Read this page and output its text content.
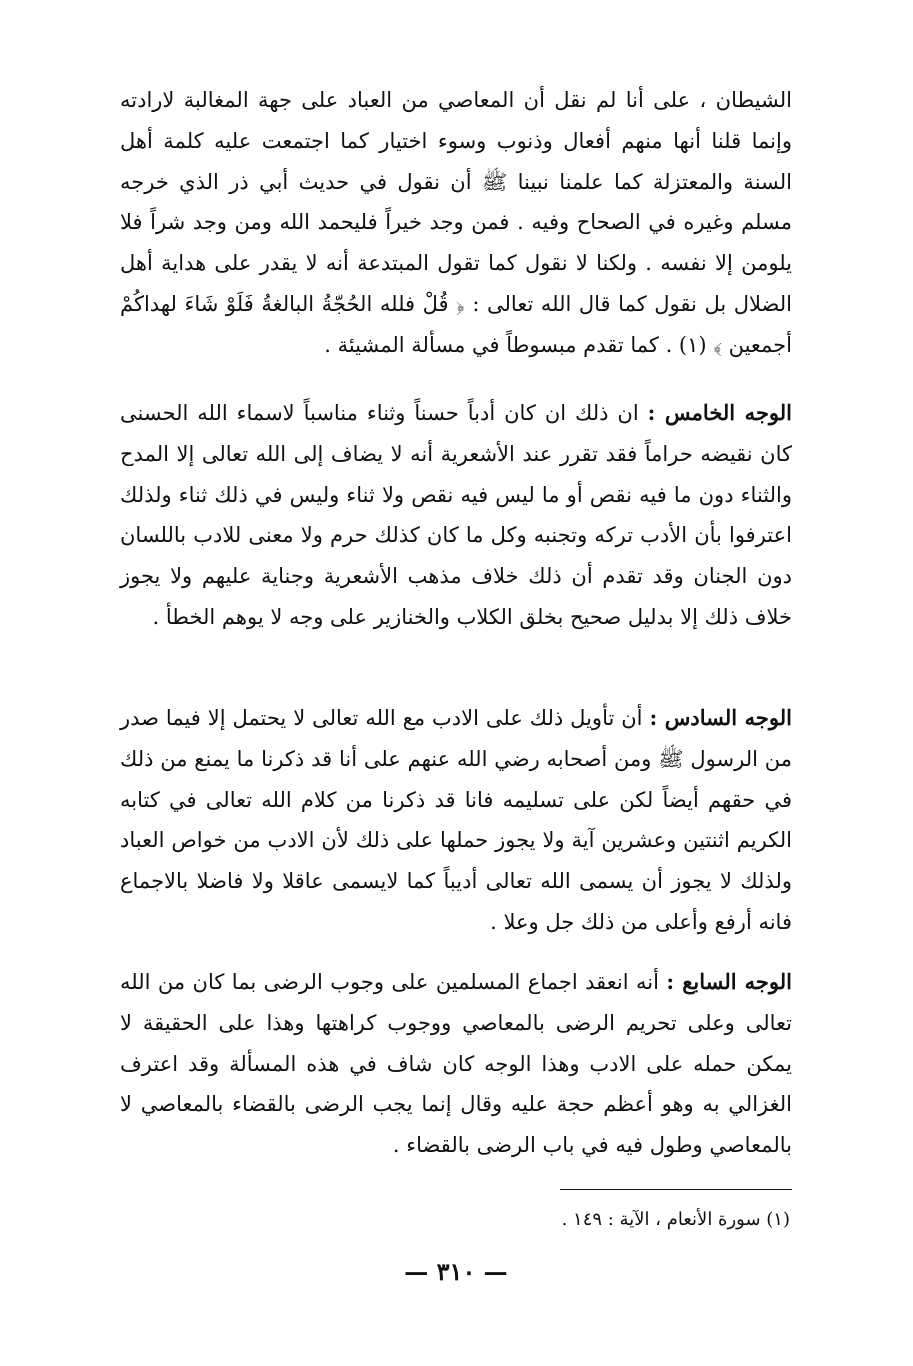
الشيطان ، على أنا لم نقل أن المعاصي من العباد على جهة المغالبة لارادته وإنما قلنا أنها منهم أفعال وذنوب وسوء اختيار كما اجتمعت عليه كلمة أهل السنة والمعتزلة كما علمنا نبينا ﷺ أن نقول في حديث أبي ذر الذي خرجه مسلم وغيره في الصحاح وفيه . فمن وجد خيراً فليحمد الله ومن وجد شراً فلا يلومن إلا نفسه . ولكنا لا نقول كما تقول المبتدعة أنه لا يقدر على هداية أهل الضلال بل نقول كما قال الله تعالى : ﴿ قُلْ فلله الحُجّةُ البالغةُ فَلَوْ شَاءَ لهداكُمْ أجمعين ﴾ (١) . كما تقدم مبسوطاً في مسألة المشيئة .

الوجه الخامس : ان ذلك ان كان أدباً حسناً وثناء مناسباً لاسماء الله الحسنى كان نقيضه حراماً فقد تقرر عند الأشعرية أنه لا يضاف إلى الله تعالى إلا المدح والثناء دون ما فيه نقص أو ما ليس فيه نقص ولا ثناء وليس في ذلك ثناء ولذلك اعترفوا بأن الأدب تركه وتجنبه وكل ما كان كذلك حرم ولا معنى للادب باللسان دون الجنان وقد تقدم أن ذلك خلاف مذهب الأشعرية وجناية عليهم ولا يجوز خلاف ذلك إلا بدليل صحيح بخلق الكلاب والخنازير على وجه لا يوهم الخطأ .

الوجه السادس : أن تأويل ذلك على الادب مع الله تعالى لا يحتمل إلا فيما صدر من الرسول ﷺ ومن أصحابه رضي الله عنهم على أنا قد ذكرنا ما يمنع من ذلك في حقهم أيضاً لكن على تسليمه فانا قد ذكرنا من كلام الله تعالى في كتابه الكريم اثنتين وعشرين آية ولا يجوز حملها على ذلك لأن الادب من خواص العباد ولذلك لا يجوز أن يسمى الله تعالى أديباً كما لايسمى عاقلا ولا فاضلا بالاجماع فانه أرفع وأعلى من ذلك جل وعلا .

الوجه السابع : أنه انعقد اجماع المسلمين على وجوب الرضى بما كان من الله تعالى وعلى تحريم الرضى بالمعاصي ووجوب كراهتها وهذا على الحقيقة لا يمكن حمله على الادب وهذا الوجه كان شاف في هذه المسألة وقد اعترف الغزالي به وهو أعظم حجة عليه وقال إنما يجب الرضى بالقضاء بالمعاصي لا بالمعاصي وطول فيه في باب الرضى بالقضاء .

(١) سورة الأنعام ، الآية : ١٤٩ .

— ٣١٠ —
